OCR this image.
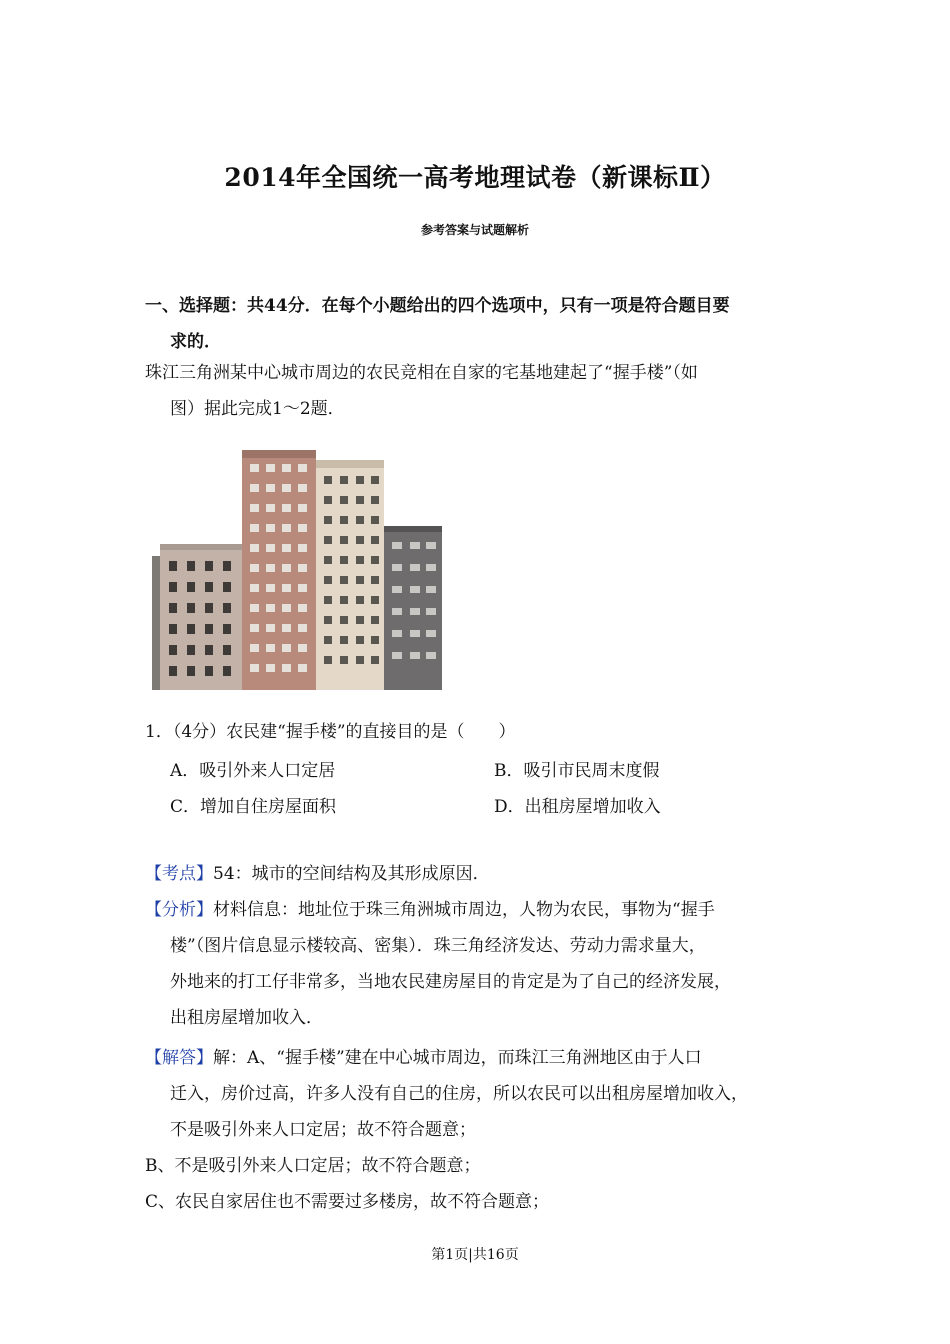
2014年全国统一高考地理试卷（新课标Ⅱ）
参考答案与试题解析
一、选择题：共44分．在每个小题给出的四个选项中，只有一项是符合题目要
求的．
珠江三角洲某中心城市周边的农民竞相在自家的宅基地建起了“握手楼”（如
图）据此完成1～2题．
1．（4分）农民建“握手楼”的直接目的是（　　）
A．吸引外来人口定居	B．吸引市民周末度假
C．增加自住房屋面积	D．出租房屋增加收入
【考点】54：城市的空间结构及其形成原因．
【分析】材料信息：地址位于珠三角洲城市周边，人物为农民，事物为“握手
楼”（图片信息显示楼较高、密集）．珠三角经济发达、劳动力需求量大，
外地来的打工仔非常多，当地农民建房屋目的肯定是为了自己的经济发展，
出租房屋增加收入．
【解答】解：A、“握手楼”建在中心城市周边，而珠江三角洲地区由于人口
迁入，房价过高，许多人没有自己的住房，所以农民可以出租房屋增加收入，
不是吸引外来人口定居；故不符合题意；
B、不是吸引外来人口定居；故不符合题意；
C、农民自家居住也不需要过多楼房，故不符合题意；
第1页|共16页
